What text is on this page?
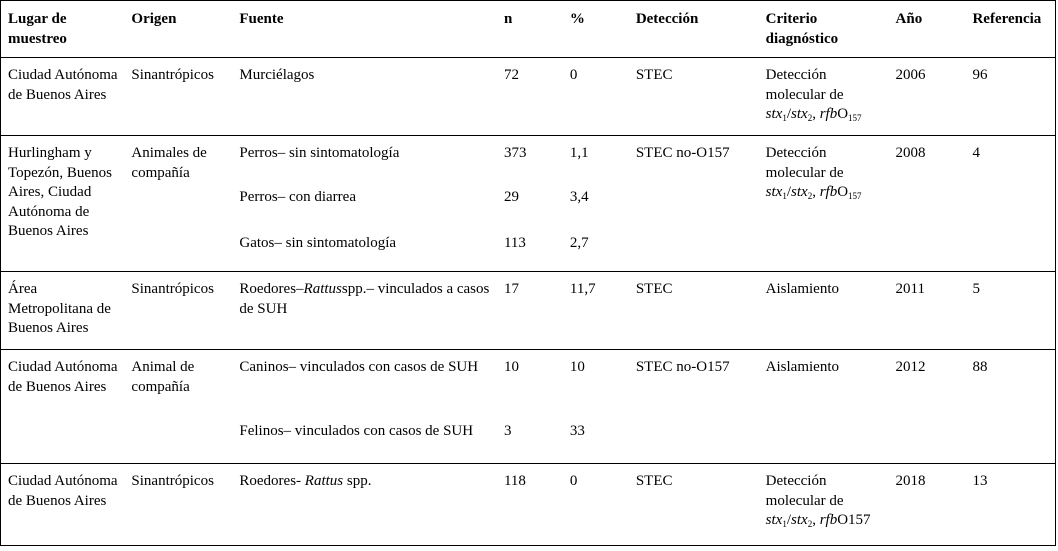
Lugar de muestreo	Origen	Fuente	n	%	Detección	Criterio diagnóstico	Año	Referencia
Ciudad Autónoma de Buenos Aires	Sinantrópicos	Murciélagos	72	0	STEC	Detección molecular de stx$_1$/stx$_2$, rfbO$_{157}$	2006	96
Hurlingham y Topezón, Buenos Aires, Ciudad Autónoma de Buenos Aires	Animales de compañía	Perros– sin sintomatología	373	1,1	STEC no-O157	Detección molecular de stx$_1$/stx$_2$, rfbO$_{157}$	2008	4
		Perros– con diarrea	29	3,4				
		Gatos– sin sintomatología	113	2,7				
Área Metropolitana de Buenos Aires	Sinantrópicos	Roedores–Rattusspp.– vinculados a casos de SUH	17	11,7	STEC	Aislamiento	2011	5
Ciudad Autónoma de Buenos Aires	Animal de compañía	Caninos– vinculados con casos de SUH	10	10	STEC no-O157	Aislamiento	2012	88
		Felinos– vinculados con casos de SUH	3	33				
Ciudad Autónoma de Buenos Aires	Sinantrópicos	Roedores- Rattus spp.	118	0	STEC	Detección molecular de stx$_1$/stx$_2$, rfbO157	2018	13
